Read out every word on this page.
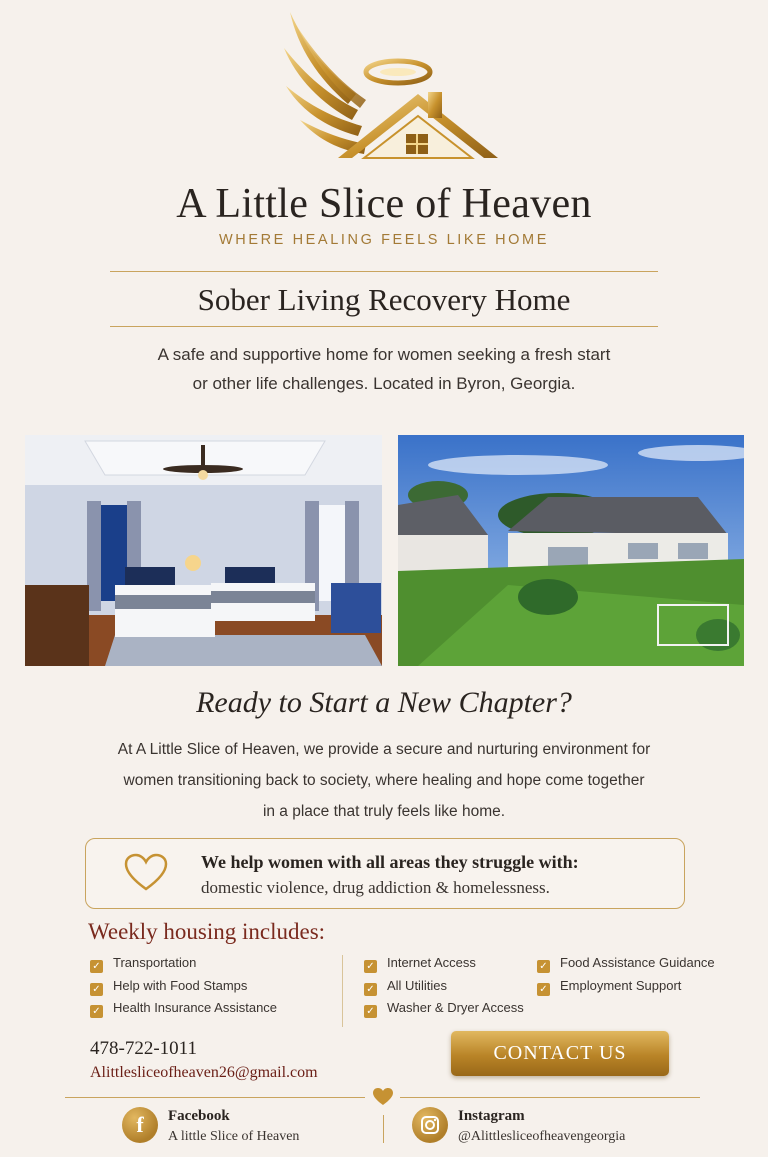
A Little Slice of Heaven
WHERE HEALING FEELS LIKE HOME
Sober Living Recovery Home
A safe and supportive home for women seeking a fresh start
or other life challenges. Located in Byron, Georgia.
Ready to Start a New Chapter?
At A Little Slice of Heaven, we provide a secure and nurturing environment for
women transitioning back to society, where healing and hope come together
in a place that truly feels like home.
We help women with all areas they struggle with:
domestic violence, drug addiction & homelessness.
Weekly housing includes:
✓ Transportation
✓ Help with Food Stamps
✓ Health Insurance Assistance
✓ Internet Access
✓ All Utilities
✓ Washer & Dryer Access
✓ Food Assistance Guidance
✓ Employment Support
478-722-1011
Alittlesliceofheaven26@gmail.com
CONTACT US
f	Facebook
A little Slice of Heaven
Instagram
@Alittlesliceofheavengeorgia
